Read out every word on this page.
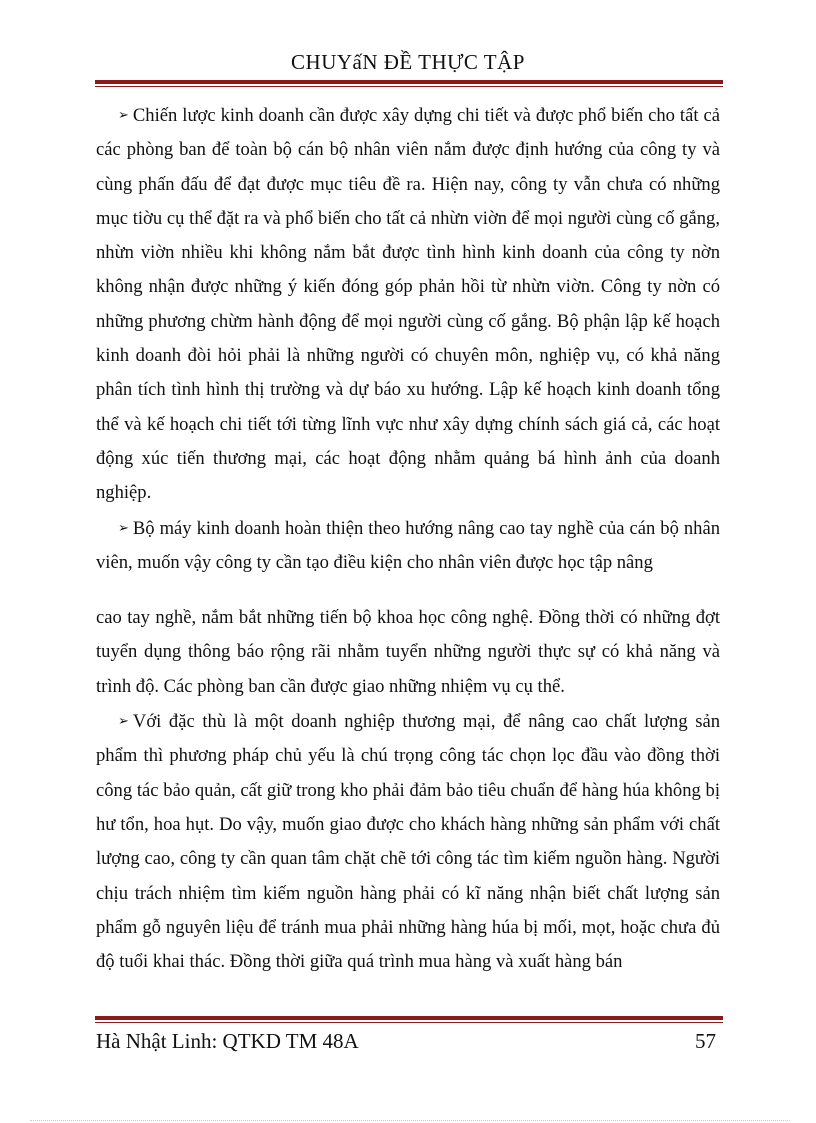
CHUYấN ĐỀ THỰC TẬP

➢ Chiến lược kinh doanh cần được xây dựng chi tiết và được phổ biến cho tất cả các phòng ban để toàn bộ cán bộ nhân viên nắm được định hướng của công ty và cùng phấn đấu để đạt được mục tiêu đề ra. Hiện nay, công ty vẫn chưa có những mục tiờu cụ thể đặt ra và phổ biến cho tất cả nhừn viờn để mọi người cùng cố gắng, nhừn viờn nhiều khi không nắm bắt được tình hình kinh doanh của công ty nờn không nhận được những ý kiến đóng góp phản hồi từ nhừn viờn. Công ty nờn có những phương chừm hành động để mọi người cùng cố gắng. Bộ phận lập kế hoạch kinh doanh đòi hỏi phải là những người có chuyên môn, nghiệp vụ, có khả năng phân tích tình hình thị trường và dự báo xu hướng. Lập kế hoạch kinh doanh tổng thể và kế hoạch chi tiết tới từng lĩnh vực như xây dựng chính sách giá cả, các hoạt động xúc tiến thương mại, các hoạt động nhằm quảng bá hình ảnh của doanh nghiệp.

➢ Bộ máy kinh doanh hoàn thiện theo hướng nâng cao tay nghề của cán bộ nhân viên, muốn vậy công ty cần tạo điều kiện cho nhân viên được học tập nâng

cao tay nghề, nắm bắt những tiến bộ khoa học công nghệ. Đồng thời có những đợt tuyển dụng thông báo rộng rãi nhằm tuyển những người thực sự có khả năng và trình độ. Các phòng ban cần được giao những nhiệm vụ cụ thể.

➢ Với đặc thù là một doanh nghiệp thương mại, để nâng cao chất lượng sản phẩm thì phương pháp chủ yếu là chú trọng công tác chọn lọc đầu vào đồng thời công tác bảo quản, cất giữ trong kho phải đảm bảo tiêu chuẩn để hàng húa không bị hư tổn, hoa hụt. Do vậy, muốn giao được cho khách hàng những sản phẩm với chất lượng cao, công ty cần quan tâm chặt chẽ tới công tác tìm kiếm nguồn hàng. Người chịu trách nhiệm tìm kiếm nguồn hàng phải có kĩ năng nhận biết chất lượng sản phẩm gỗ nguyên liệu để tránh mua phải những hàng húa bị mối, mọt, hoặc chưa đủ độ tuổi khai thác. Đồng thời giữa quá trình mua hàng và xuất hàng bán

Hà Nhật Linh: QTKD TM 48A	57
